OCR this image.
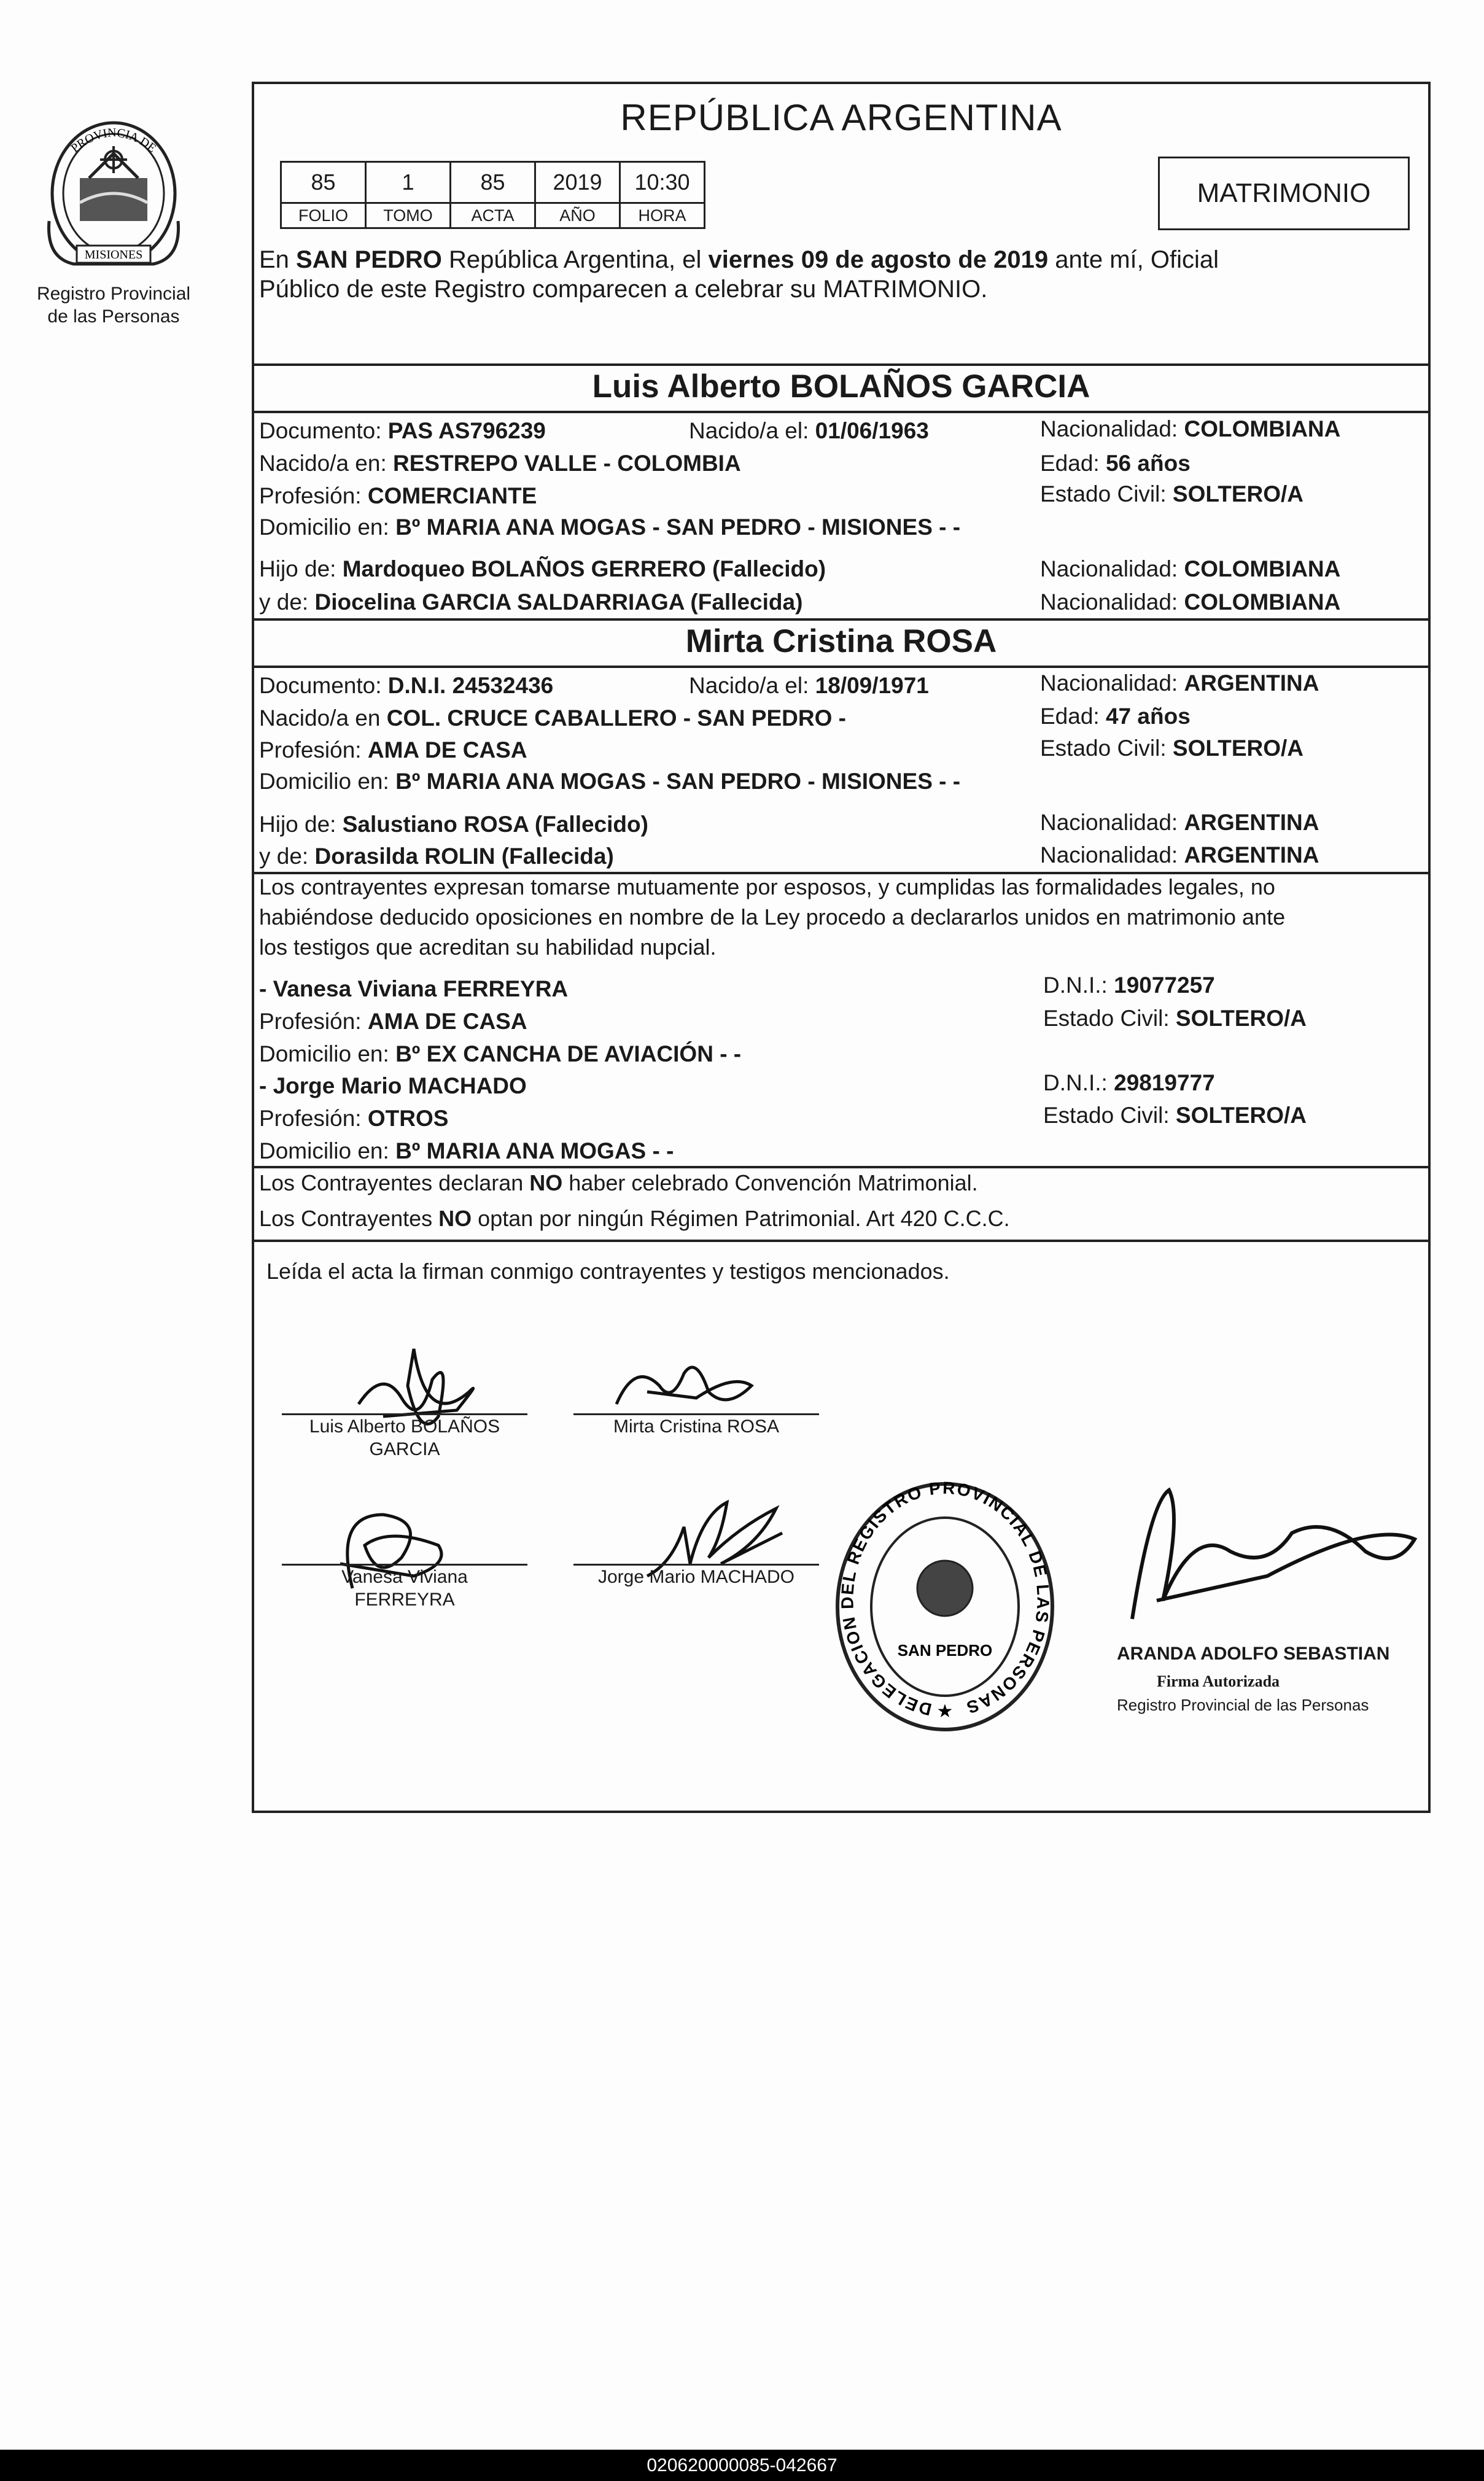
MISIONES
PROVINCIA DE
Registro Provincial de las Personas
REPÚBLICA ARGENTINA
85	1	85	2019	10:30
FOLIO	TOMO	ACTA	AÑO	HORA
MATRIMONIO
En SAN PEDRO República Argentina, el viernes 09 de agosto de 2019 ante mí, Oficial
Público de este Registro comparecen a celebrar su MATRIMONIO.
Luis Alberto BOLAÑOS GARCIA
Documento: PAS AS796239	Nacido/a el: 01/06/1963	Nacionalidad: COLOMBIANA
Nacido/a en: RESTREPO VALLE - COLOMBIA	Edad: 56 años
Profesión: COMERCIANTE	Estado Civil: SOLTERO/A
Domicilio en: Bº MARIA ANA MOGAS - SAN PEDRO - MISIONES - -
Hijo de: Mardoqueo BOLAÑOS GERRERO (Fallecido)	Nacionalidad: COLOMBIANA
y de: Diocelina GARCIA SALDARRIAGA (Fallecida)	Nacionalidad: COLOMBIANA
Mirta Cristina ROSA
Documento: D.N.I. 24532436	Nacido/a el: 18/09/1971	Nacionalidad: ARGENTINA
Nacido/a en COL. CRUCE CABALLERO - SAN PEDRO -	Edad: 47 años
Profesión: AMA DE CASA	Estado Civil: SOLTERO/A
Domicilio en: Bº MARIA ANA MOGAS - SAN PEDRO - MISIONES - -
Hijo de: Salustiano ROSA (Fallecido)	Nacionalidad: ARGENTINA
y de: Dorasilda ROLIN (Fallecida)	Nacionalidad: ARGENTINA
Los contrayentes expresan tomarse mutuamente por esposos, y cumplidas las formalidades legales, no
habiéndose deducido oposiciones en nombre de la Ley procedo a declararlos unidos en matrimonio ante
los testigos que acreditan su habilidad nupcial.
- Vanesa Viviana FERREYRA	D.N.I.: 19077257
Profesión: AMA DE CASA	Estado Civil: SOLTERO/A
Domicilio en: Bº EX CANCHA DE AVIACIÓN - -
- Jorge Mario MACHADO	D.N.I.: 29819777
Profesión: OTROS	Estado Civil: SOLTERO/A
Domicilio en: Bº MARIA ANA MOGAS - -
Los Contrayentes declaran NO haber celebrado Convención Matrimonial.
Los Contrayentes NO optan por ningún Régimen Patrimonial. Art 420 C.C.C.
Leída el acta la firman conmigo contrayentes y testigos mencionados.
Luis Alberto BOLAÑOS
GARCIA
Mirta Cristina ROSA
Vanesa Viviana
FERREYRA
Jorge Mario MACHADO
DELEGACION DEL REGISTRO PROVINCIAL DE LAS PERSONAS
SAN PEDRO
★
ARANDA ADOLFO SEBASTIAN
Firma Autorizada
Registro Provincial de las Personas
020620000085-042667
